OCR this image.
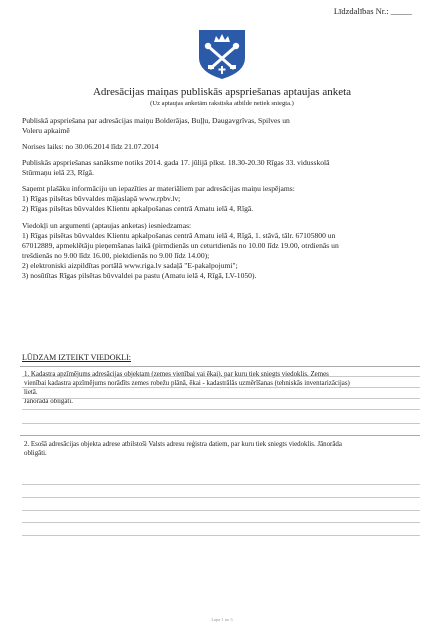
Līdzdalības Nr.: _____
Adresācijas maiņas publiskās apspriešanas aptaujas anketa
(Uz aptaujas anketām rakstiska atbilde netiek sniegta.)
Publiskā apspriešana par adresācijas maiņu Bolderājas, Buļļu, Daugavgrīvas, Spilves un
Voleru apkaimē
Norises laiks: no 30.06.2014 līdz 21.07.2014
Publiskās apspriešanas sanāksme notiks 2014. gada 17. jūlijā plkst. 18.30-20.30 Rīgas 33. vidusskolā
Stūrmaņu ielā 23, Rīgā.
Saņemt plašāku informāciju un iepazīties ar materiāliem par adresācijas maiņu iespējams:
1) Rīgas pilsētas būvvaldes mājaslapā www.rpbv.lv;
2) Rīgas pilsētas būvvaldes Klientu apkalpošanas centrā Amatu ielā 4, Rīgā.
Viedokļi un argumenti (aptaujas anketas) iesniedzamas:
1) Rīgas pilsētas būvvaldes Klientu apkalpošanas centrā Amatu ielā 4, Rīgā, 1. stāvā, tālr. 67105800 un
67012889, apmeklētāju pieņemšanas laikā (pirmdienās un ceturtdienās no 10.00 līdz 19.00, otrdienās un
trešdienās no 9.00 līdz 16.00, piektdienās no 9.00 līdz 14.00);
2) elektroniski aizpildītas portālā www.riga.lv sadaļā "E-pakalpojumi";
3) nosūtītas Rīgas pilsētas būvvaldei pa pastu (Amatu ielā 4, Rīgā, LV-1050).
LŪDZAM IZTEIKT VIEDOKLI:
1. Kadastra apzīmējums adresācijas objektam (zemes vienībai vai ēkai), par kuru tiek sniegts viedoklis. Zemes
vienībai kadastra apzīmējums norādīts zemes robežu plānā, ēkai - kadastrālās uzmērīšanas (tehniskās inventarizācijas)
lietā.
Jānorāda obligāti.
2. Esošā adresācijas objekta adrese atbilstoši Valsts adresu reģistra datiem, par kuru tiek sniegts viedoklis. Jānorāda
obligāti.
Lapa 1 no 3
